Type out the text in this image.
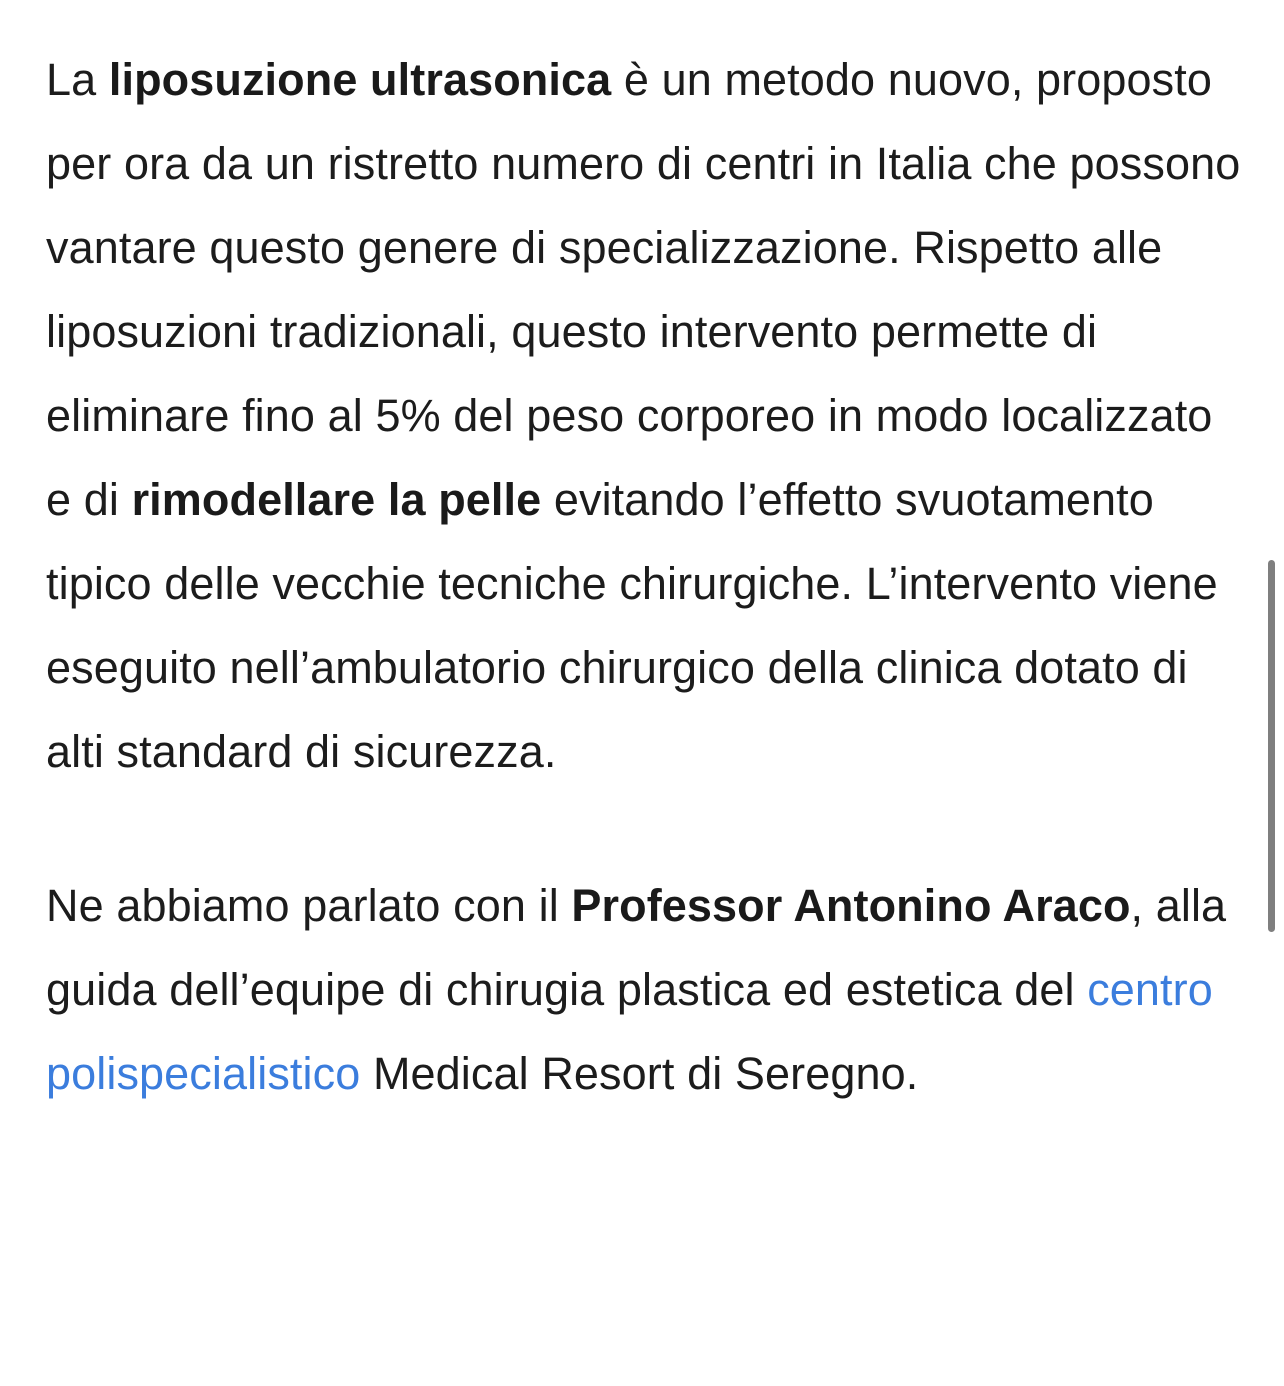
La liposuzione ultrasonica è un metodo nuovo, proposto per ora da un ristretto numero di centri in Italia che possono vantare questo genere di specializzazione. Rispetto alle liposuzioni tradizionali, questo intervento permette di eliminare fino al 5% del peso corporeo in modo localizzato e di rimodellare la pelle evitando l’effetto svuotamento tipico delle vecchie tecniche chirurgiche. L’intervento viene eseguito nell’ambulatorio chirurgico della clinica dotato di alti standard di sicurezza.

Ne abbiamo parlato con il Professor Antonino Araco, alla guida dell’equipe di chirugia plastica ed estetica del centro polispecialistico Medical Resort di Seregno.
